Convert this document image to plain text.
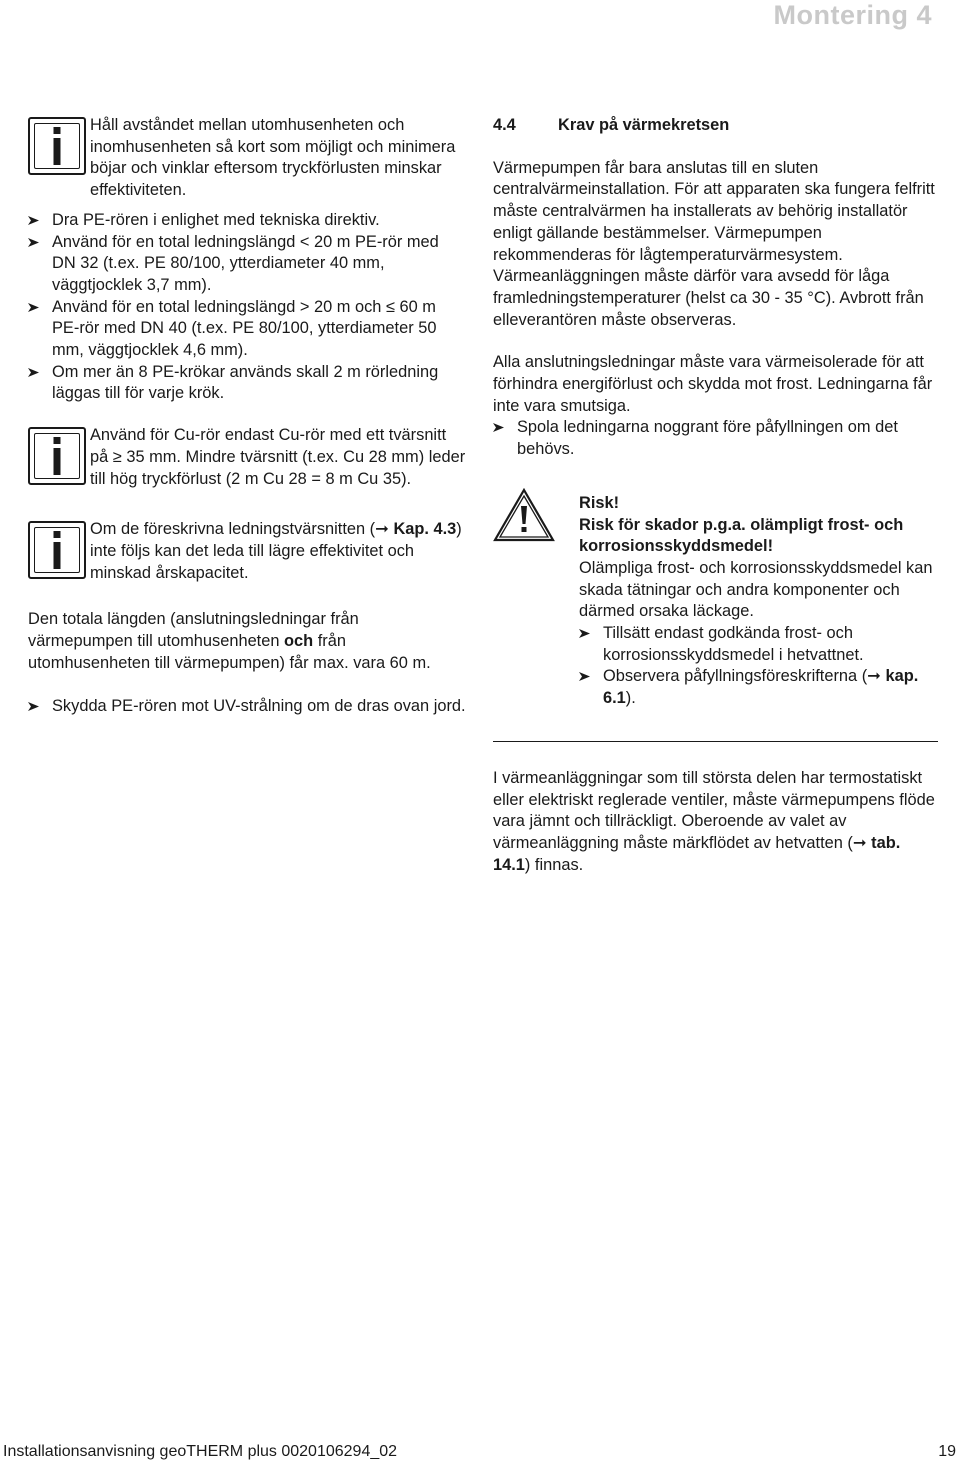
Montering 4

Håll avståndet mellan utomhusenheten och inomhusenheten så kort som möjligt och minimera böjar och vinklar eftersom tryckförlusten minskar effektiviteten.

Dra PE-rören i enlighet med tekniska direktiv.
Använd för en total ledningslängd < 20 m PE-rör med DN 32 (t.ex. PE 80/100, ytterdiameter 40 mm, väggtjocklek 3,7 mm).
Använd för en total ledningslängd > 20 m och ≤ 60 m PE-rör med DN 40 (t.ex. PE 80/100, ytterdiameter 50 mm, väggtjocklek 4,6 mm).
Om mer än 8 PE-krökar används skall 2 m rörledning läggas till för varje krök.

Använd för Cu-rör endast Cu-rör med ett tvärsnitt på ≥ 35 mm. Mindre tvärsnitt (t.ex. Cu 28 mm) leder till hög tryckförlust (2 m Cu 28 = 8 m Cu 35).

Om de föreskrivna ledningstvärsnitten (➞ Kap. 4.3) inte följs kan det leda till lägre effektivitet och minskad årskapacitet.

Den totala längden (anslutningsledningar från värmepumpen till utomhusenheten och från utomhusenheten till värmepumpen) får max. vara 60 m.

Skydda PE-rören mot UV-strålning om de dras ovan jord.

4.4	Krav på värmekretsen

Värmepumpen får bara anslutas till en sluten centralvärmeinstallation. För att apparaten ska fungera felfritt måste centralvärmen ha installerats av behörig installatör enligt gällande bestämmelser. Värmepumpen rekommenderas för lågtemperaturvärmesystem. Värmeanläggningen måste därför vara avsedd för låga framledningstemperaturer (helst ca 30 - 35 °C). Avbrott från elleverantören måste observeras.

Alla anslutningsledningar måste vara värmeisolerade för att förhindra energiförlust och skydda mot frost. Ledningarna får inte vara smutsiga.

Spola ledningarna noggrant före påfyllningen om det behövs.

Risk!

Risk för skador p.g.a. olämpligt frost- och korrosionsskyddsmedel!

Olämpliga frost- och korrosionsskyddsmedel kan skada tätningar och andra komponenter och därmed orsaka läckage.

Tillsätt endast godkända frost- och korrosionsskyddsmedel i hetvattnet.
Observera påfyllningsföreskrifterna (➞ kap. 6.1).

I värmeanläggningar som till största delen har termostatiskt eller elektriskt reglerade ventiler, måste värmepumpens flöde vara jämnt och tillräckligt. Oberoende av valet av värmeanläggning måste märkflödet av hetvatten (➞ tab. 14.1) finnas.

Installationsanvisning geoTHERM plus 0020106294_02	19
